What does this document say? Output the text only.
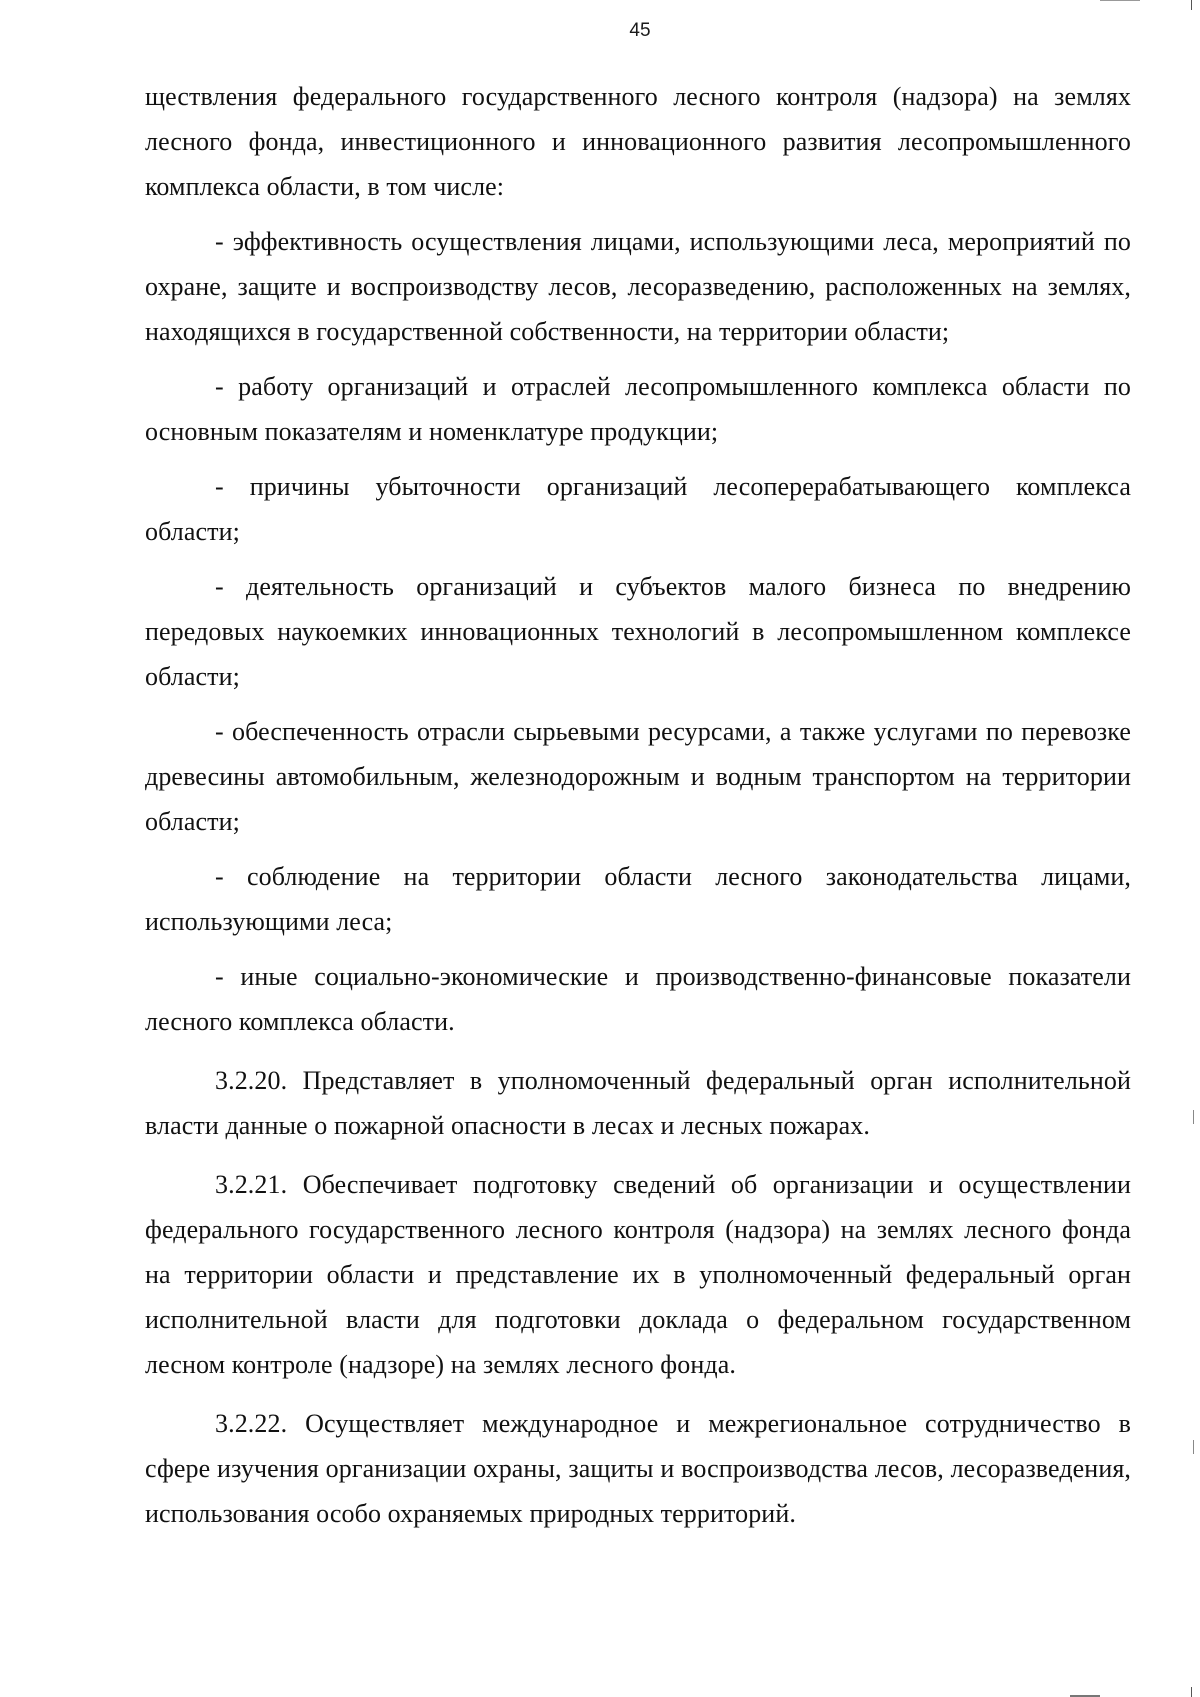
45

ществления федерального государственного лесного контроля (надзора) на землях лесного фонда, инвестиционного и инновационного развития лесопромышленного комплекса области, в том числе:

- эффективность осуществления лицами, использующими леса, мероприятий по охране, защите и воспроизводству лесов, лесоразведению, расположенных на землях, находящихся в государственной собственности, на территории области;

- работу организаций и отраслей лесопромышленного комплекса области по основным показателям и номенклатуре продукции;

- причины убыточности организаций лесоперерабатывающего комплекса области;

- деятельность организаций и субъектов малого бизнеса по внедрению передовых наукоемких инновационных технологий в лесопромышленном комплексе области;

- обеспеченность отрасли сырьевыми ресурсами, а также услугами по перевозке древесины автомобильным, железнодорожным и водным транспортом на территории области;

- соблюдение на территории области лесного законодательства лицами, использующими леса;

- иные социально-экономические и производственно-финансовые показатели лесного комплекса области.

3.2.20. Представляет в уполномоченный федеральный орган исполнительной власти данные о пожарной опасности в лесах и лесных пожарах.

3.2.21. Обеспечивает подготовку сведений об организации и осуществлении федерального государственного лесного контроля (надзора) на землях лесного фонда на территории области и представление их в уполномоченный федеральный орган исполнительной власти для подготовки доклада о федеральном государственном лесном контроле (надзоре) на землях лесного фонда.

3.2.22. Осуществляет международное и межрегиональное сотрудничество в сфере изучения организации охраны, защиты и воспроизводства лесов, лесоразведения, использования особо охраняемых природных территорий.
